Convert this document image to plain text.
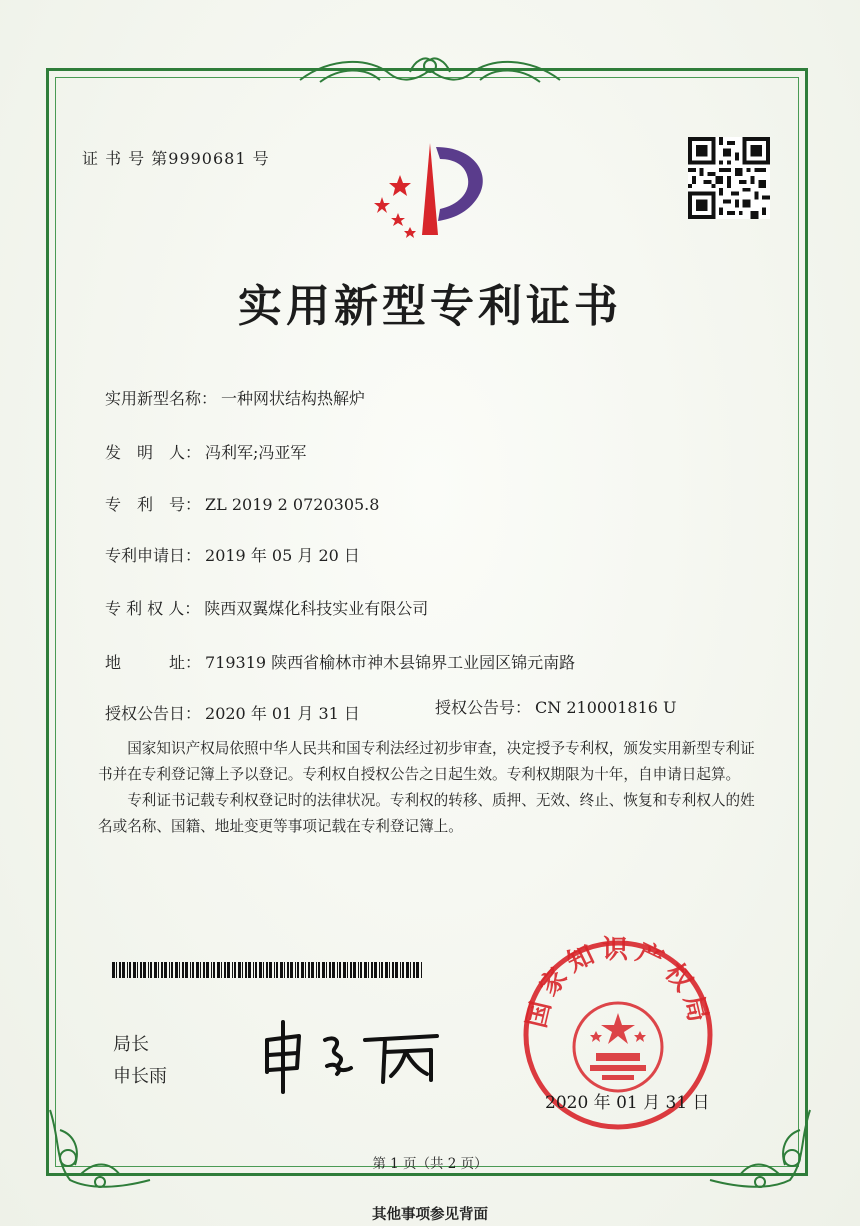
证 书 号 第9990681 号
实用新型专利证书
实用新型名称： 一种网状结构热解炉
发　明　人： 冯利军;冯亚军
专　利　号： ZL 2019 2 0720305.8
专利申请日： 2019 年 05 月 20 日
专 利 权 人： 陕西双翼煤化科技实业有限公司
地　　　址： 719319 陕西省榆林市神木县锦界工业园区锦元南路
授权公告日： 2020 年 01 月 31 日	授权公告号： CN 210001816 U

国家知识产权局依照中华人民共和国专利法经过初步审查，决定授予专利权，颁发实用新型专利证书并在专利登记簿上予以登记。专利权自授权公告之日起生效。专利权期限为十年，自申请日起算。

专利证书记载专利权登记时的法律状况。专利权的转移、质押、无效、终止、恢复和专利权人的姓名或名称、国籍、地址变更等事项记载在专利登记簿上。

局长
申长雨
国家知识产权局
2020 年 01 月 31 日
第 1 页（共 2 页）
其他事项参见背面
